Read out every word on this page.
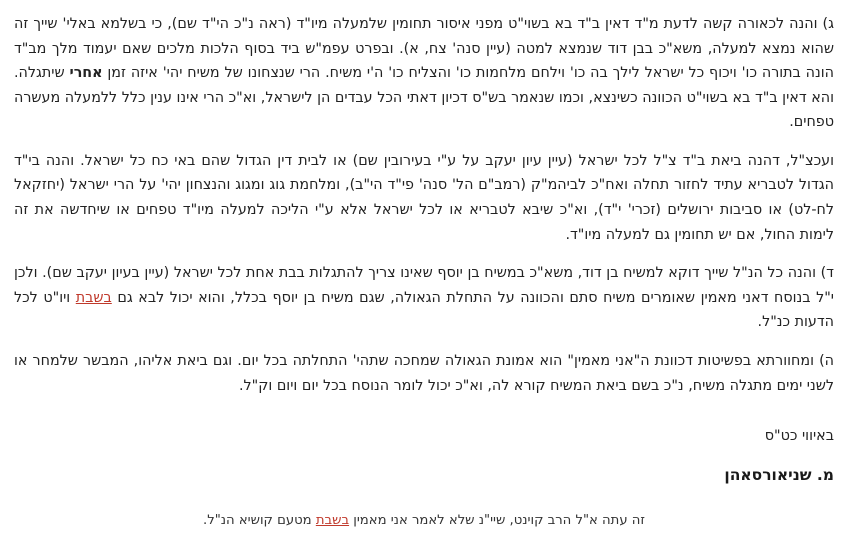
ג) והנה לכאורה קשה לדעת מ"ד דאין ב"ד בא בשוי"ט מפני איסור תחומין שלמעלה מיו"ד (ראה נ"כ הי"ד שם), כי בשלמא באלי' שייך זה שהוא נמצא למעלה, משא"כ בבן דוד שנמצא למטה (עיין סנה' צח, א). ובפרט עפמ"ש ביד בסוף הלכות מלכים שאם יעמוד מלך מב"ד הונה בתורה כו' ויכוף כל ישראל לילך בה כו' וילחם מלחמות כו' והצליח כו' ה'י משיח. הרי שנצחונו של משיח יהי' איזה זמן אחרי שיתגלה. והא דאין ב"ד בא בשוי"ט הכוונה כשינצא, וכמו שנאמר בש"ס דכיון דאתי הכל עבדים הן לישראל, וא"כ הרי אינו ענין כלל ללמעלה מעשרה טפחים.

ועכצ"ל, דהנה ביאת ב"ד צ"ל לכל ישראל (עיין עיון יעקב על ע"י בעירובין שם) או לבית דין הגדול שהם באי כח כל ישראל. והנה בי"ד הגדול לטבריא עתיד לחזור תחלה ואח"כ לביהמ"ק (רמב"ם הל' סנה' פי"ד הי"ב), ומלחמת גוג ומגוג והנצחון יהי' על הרי ישראל (יחזקאל לח-לט) או סביבות ירושלים (זכרי' י"ד), וא"כ שיבא לטבריא או לכל ישראל אלא ע"י הליכה למעלה מיו"ד טפחים או שיחדשה את זה לימות החול, אם יש תחומין גם למעלה מיו"ד.

ד) והנה כל הנ"ל שייך דוקא למשיח בן דוד, משא"כ במשיח בן יוסף שאינו צריך להתגלות בבת אחת לכל ישראל (עיין בעיון יעקב שם). ולכן י"ל בנוסח דאני מאמין שאומרים משיח סתם והכוונה על התחלת הגאולה, שגם משיח בן יוסף בכלל, והוא יכול לבא גם בשבת ויו"ט לכל הדעות כנ"ל.

ה) ומחוורתא בפשיטות דכוונת ה"אני מאמין" הוא אמונת הגאולה שמחכה שתהי' התחלתה בכל יום. וגם ביאת אליהו, המבשר שלמחר או לשני ימים מתגלה משיח, נ"כ בשם ביאת המשיח קורא לה, וא"כ יכול לומר הנוסח בכל יום ויום וק"ל.

באיווי כט"ס

מ. שניאורסאהן

זה עתה א"ל הרב קוינט, שיי"נ שלא לאמר אני מאמין בשבת מטעם קושיא הנ"ל.
